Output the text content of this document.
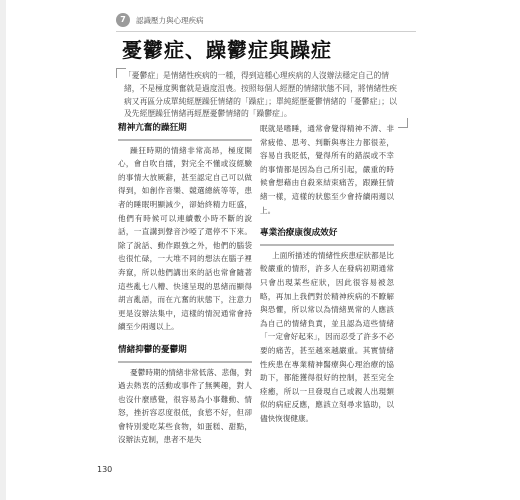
7	認識壓力與心理疾病
憂鬱症、躁鬱症與躁症
「憂鬱症」是情緒性疾病的一種，得到這種心理疾病的人沒辦法穩定自己的情緒，不是極度興奮就是過度沮喪。按照每個人經歷的情緒狀態不同，將情緒性疾病又再區分成單純經歷躁狂情緒的「躁症」；單純經歷憂鬱情緒的「憂鬱症」；以及先經歷躁狂情緒再經歷憂鬱情緒的「躁鬱症」。
精神亢奮的躁狂期

躁狂時期的情緒非常高昂，極度開心，會自吹自擂，對完全不懂或沒經驗的事情大放厥辭，甚至認定自己可以做得到，如創作音樂、競選總統等等，患者的睡眠明顯減少，卻始終精力旺盛，他們有時候可以連續數小時不斷的說話，一直講到聲音沙啞了還停不下來。除了說話、動作跟強之外，他們的腦袋也很忙碌，一大堆不同的想法在腦子裡奔竄，所以他們講出來的話也常會隨著這些亂七八糟、快速呈現的思緒而顯得胡言亂語，而在亢奮的狀態下，注意力更是沒辦法集中，這樣的情況通常會持續至少兩週以上。

情緒抑鬱的憂鬱期

憂鬱時期的情緒非常低落、悲傷，對過去熱衷的活動或事件了無興趣，對人也沒什麼感覺，很容易為小事難動、情怒，挫折容忍度很低，食慾不好，但卻會特別愛吃某些食物，如蛋糕、甜點，沒辦法克制，患者不是失

眠就是嗜睡，通常會覺得精神不濟、非常疲倦、思考、判斷與專注力都很差，容易自我貶低，覺得所有的錯誤或不幸的事情都是因為自己所引起，嚴重的時候會想藉由自殺來結束痛苦，跟躁狂情緒一樣，這樣的狀態至少會持續兩週以上。

專業治療康復成效好

上面所描述的情緒性疾患症狀都是比較嚴重的情形，許多人在發病初期通常只會出現某些症狀，因此很容易被忽略，再加上我們對於精神疾病的不瞭解與恐懼，所以常以為情緒異常的人應該為自己的情緒負責，並且認為這些情緒「一定會好起來」，因而忍受了許多不必要的痛苦，甚至越來越嚴重。其實情緒性疾患在專業精神醫療與心理治療的協助下，都能獲得很好的控制，甚至完全痊癒，所以一旦發現自己或親人出現類似的病症反應，應該立刻尋求協助，以儘快恢復健康。

130
